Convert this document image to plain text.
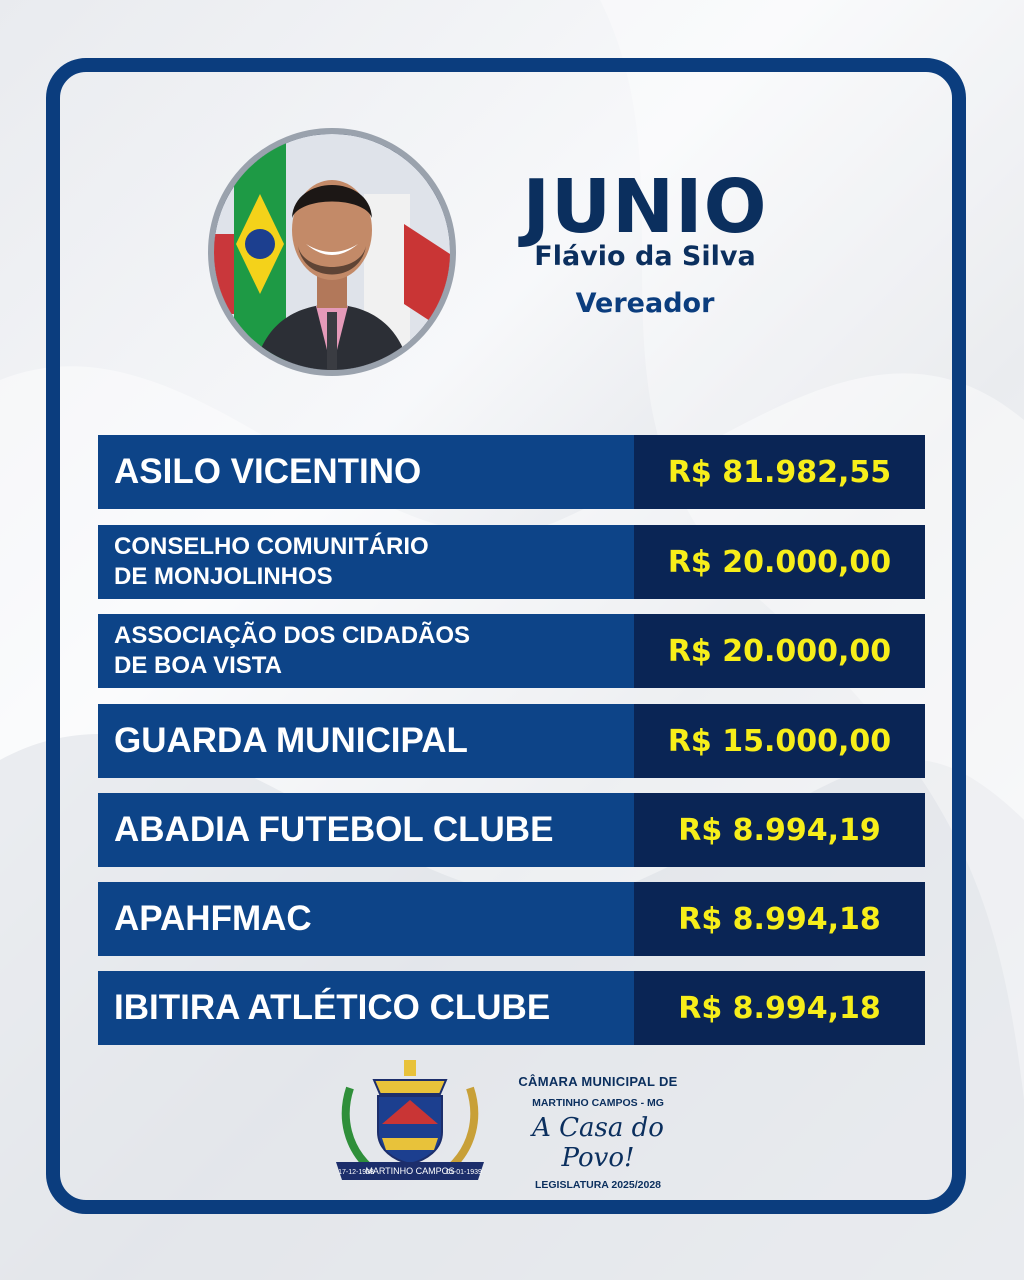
JUNIO
Flávio da Silva
Vereador
ASILO VICENTINO	R$ 81.982,55
CONSELHO COMUNITÁRIO
DE MONJOLINHOS	R$ 20.000,00
ASSOCIAÇÃO DOS CIDADÃOS
DE BOA VISTA	R$ 20.000,00
GUARDA MUNICIPAL	R$ 15.000,00
ABADIA FUTEBOL CLUBE	R$ 8.994,19
APAHFMAC	R$ 8.994,18
IBITIRA ATLÉTICO CLUBE	R$ 8.994,18
MARTINHO CAMPOS
17-12-1938	01-01-1939
CÂMARA MUNICIPAL DE
MARTINHO CAMPOS - MG
A Casa do Povo!
LEGISLATURA 2025/2028
